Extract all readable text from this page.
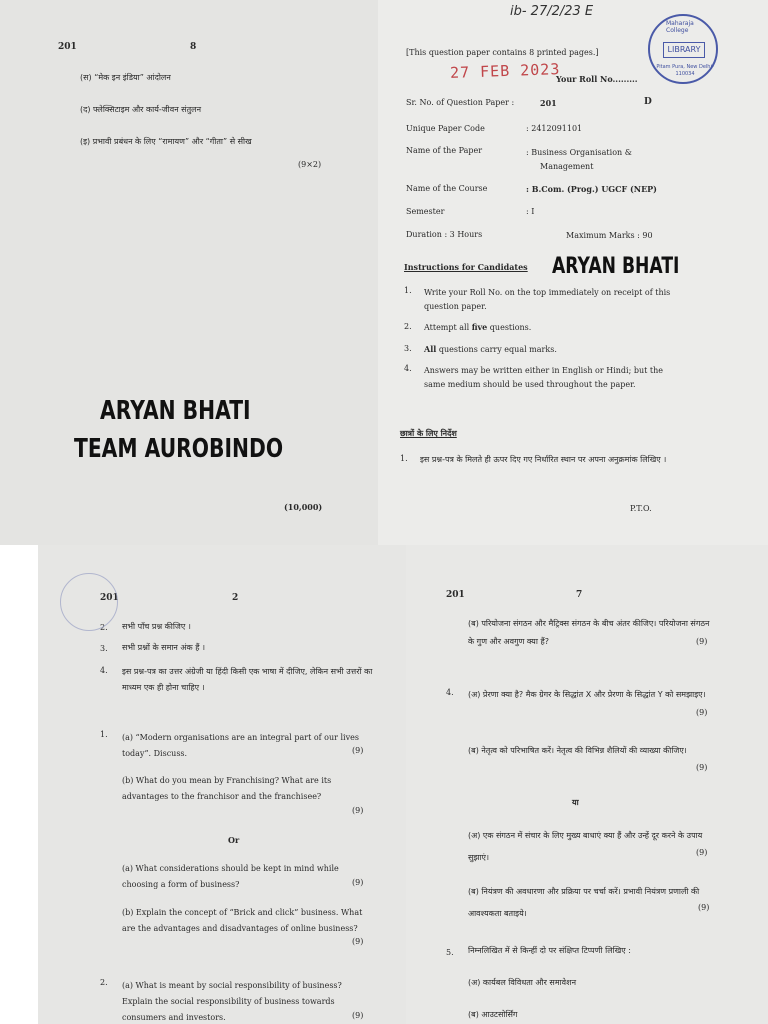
201	8
(स) “मेक इन इंडिया” आंदोलन
(द) फ्लेक्सिटाइम और कार्य-जीवन संतुलन
(इ) प्रभावी प्रबंधन के लिए “रामायण” और “गीता” से सीख
(9×2)
ARYAN BHATI
TEAM AUROBINDO
(10,000)
ib- 27/2/23 E
[This question paper contains 8 printed pages.]
27 FEB 2023
Your Roll No.........
Sr. No. of Question Paper :	201	D
Unique Paper Code	: 2412091101
Name of the Paper	: Business Organisation &
Management
Name of the Course	: B.Com. (Prog.) UGCF (NEP)
Semester	: I
Duration : 3 Hours	Maximum Marks : 90
Instructions for Candidates ARYAN BHATI
1. Write your Roll No. on the top immediately on receipt of this question paper.
2. Attempt all five questions.
3. All questions carry equal marks.
4. Answers may be written either in English or Hindi; but the same medium should be used throughout the paper.
छात्रों के लिए निर्देश
1. इस प्रश्न-पत्र के मिलते ही ऊपर दिए गए निर्धारित स्थान पर अपना अनुक्रमांक लिखिए ।
P.T.O.
Maharaja College
LIBRARY
Pitam Pura, New Delhi-110034
201	2
2. सभी पाँच प्रश्न कीजिए ।
3. सभी प्रश्नों के समान अंक हैं ।
4. इस प्रश्न-पत्र का उत्तर अंग्रेजी या हिंदी किसी एक भाषा में दीजिए, लेकिन सभी उत्तरों का माध्यम एक ही होना चाहिए ।
1. (a) “Modern organisations are an integral part of our lives today”. Discuss.	(9)
(b) What do you mean by Franchising? What are its advantages to the franchisor and the franchisee?
(9)
Or
(a) What considerations should be kept in mind while choosing a form of business?	(9)
(b) Explain the concept of “Brick and click” business. What are the advantages and disadvantages of online business?
(9)
2. (a) What is meant by social responsibility of business? Explain the social responsibility of business towards consumers and investors.	(9)
201	7
(ब) परियोजना संगठन और मैट्रिक्स संगठन के बीच अंतर कीजिए। परियोजना संगठन के गुण और अवगुण क्या हैं?	(9)
4. (अ) प्रेरणा क्या है? मैक ग्रेगर के सिद्धांत X और प्रेरणा के सिद्धांत Y को समझाइए।
(9)
(ब) नेतृत्व को परिभाषित करें। नेतृत्व की विभिन्न शैलियों की व्याख्या कीजिए।
(9)
या
(अ) एक संगठन में संचार के लिए मुख्य बाधाएं क्या हैं और उन्हें दूर करने के उपाय सुझाएं।
(9)
(ब) नियंत्रण की अवधारणा और प्रक्रिया पर चर्चा करें। प्रभावी नियंत्रण प्रणाली की आवश्यकता बताइये।
(9)
5. निम्नलिखित में से किन्हीं दो पर संक्षिप्त टिप्पणी लिखिए :
(अ) कार्यबल विविधता और समावेशन
(ब) आउटसोर्सिंग
